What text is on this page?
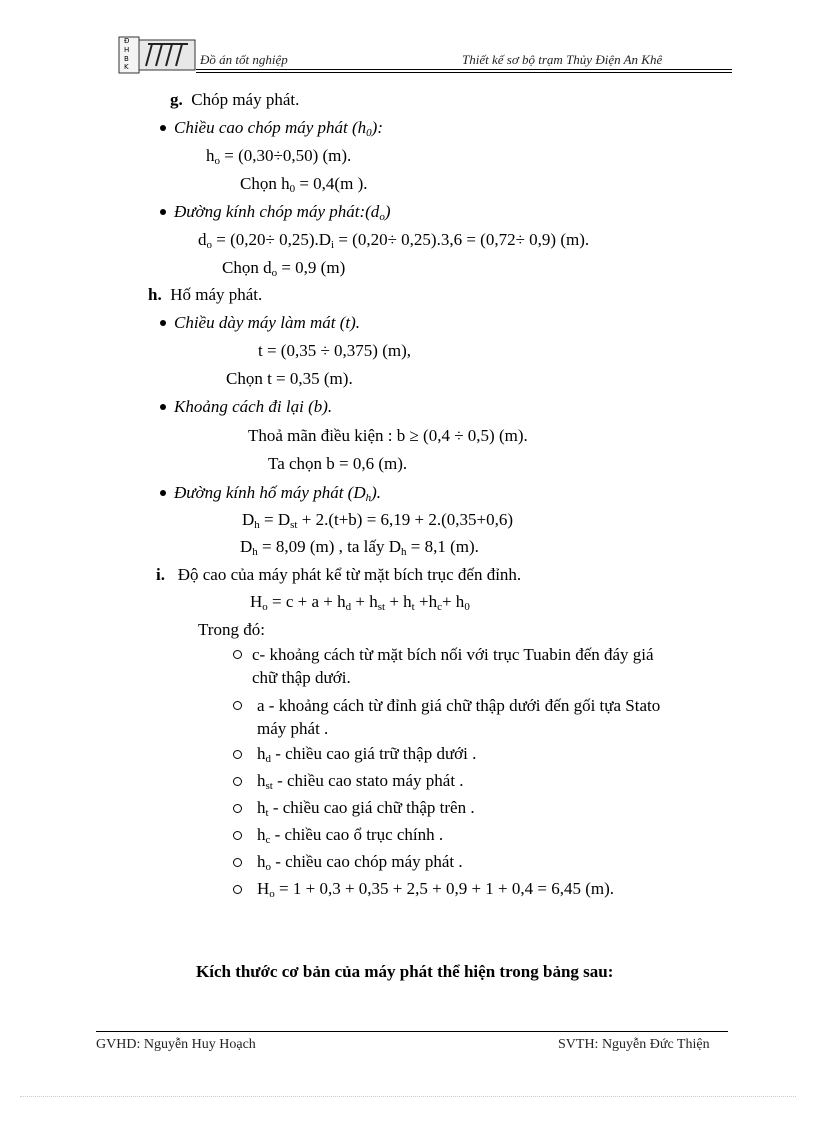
Đ
H
B
K	Đồ án tốt nghiệp	Thiết kế sơ bộ trạm Thủy Điện An Khê
g. Chóp máy phát.
Chiều cao chóp máy phát $(h_0)$:
$h_o = (0,30\div 0,50)$ (m).
Chọn $h_0 = 0,4(m$ ).
Đường kính chóp máy $phát:(d_o)$
$d_o = (0,20\div 0,25).D_i = (0,20\div 0,25).3,6 = (0,72\div 0,9)$ (m).
Chọn $d_o = 0,9$ (m)
h. Hố máy phát.
Chiều dày máy làm mát (t).
t = (0,35 ÷ 0,375) (m),
Chọn t = 0,35 (m).
Khoảng cách đi lại (b).
Thoả mãn điều kiện : b ≥ (0,4 ÷ 0,5) (m).
Ta chọn b = 0,6 (m).
Đường kính hố máy phát $(D_h)$.
$D_h = D_{st} + 2.(t+b) = 6,19 + 2.(0,35+0,6)$
$D_h = 8,09$ (m) , ta lấy $D_h = 8,1$ (m).
i. Độ cao của máy phát kể từ mặt bích trục đến đỉnh.
$H_o = c + a + h_d + h_{st} + h_t +h_c+ h_0$
Trong đó:
c- khoảng cách từ mặt bích nối với trục Tuabin đến đáy giá
chữ thập dưới.
a - khoảng cách từ đỉnh giá chữ thập dưới đến gối tựa Stato
máy phát .
$h_d$ - chiều cao giá trữ thập dưới .
$h_{st}$ - chiều cao stato máy phát .
$h_t$ - chiều cao giá chữ thập trên .
$h_c$ - chiều cao ổ trục chính .
$h_o$ - chiều cao chóp máy phát .
$H_o = 1 + 0,3 + 0,35 + 2,5 + 0,9 + 1 + 0,4 = 6,45$ (m).
Kích thước cơ bản của máy phát thể hiện trong bảng sau:
GVHD: Nguyễn Huy Hoạch	SVTH: Nguyễn Đức Thiện
